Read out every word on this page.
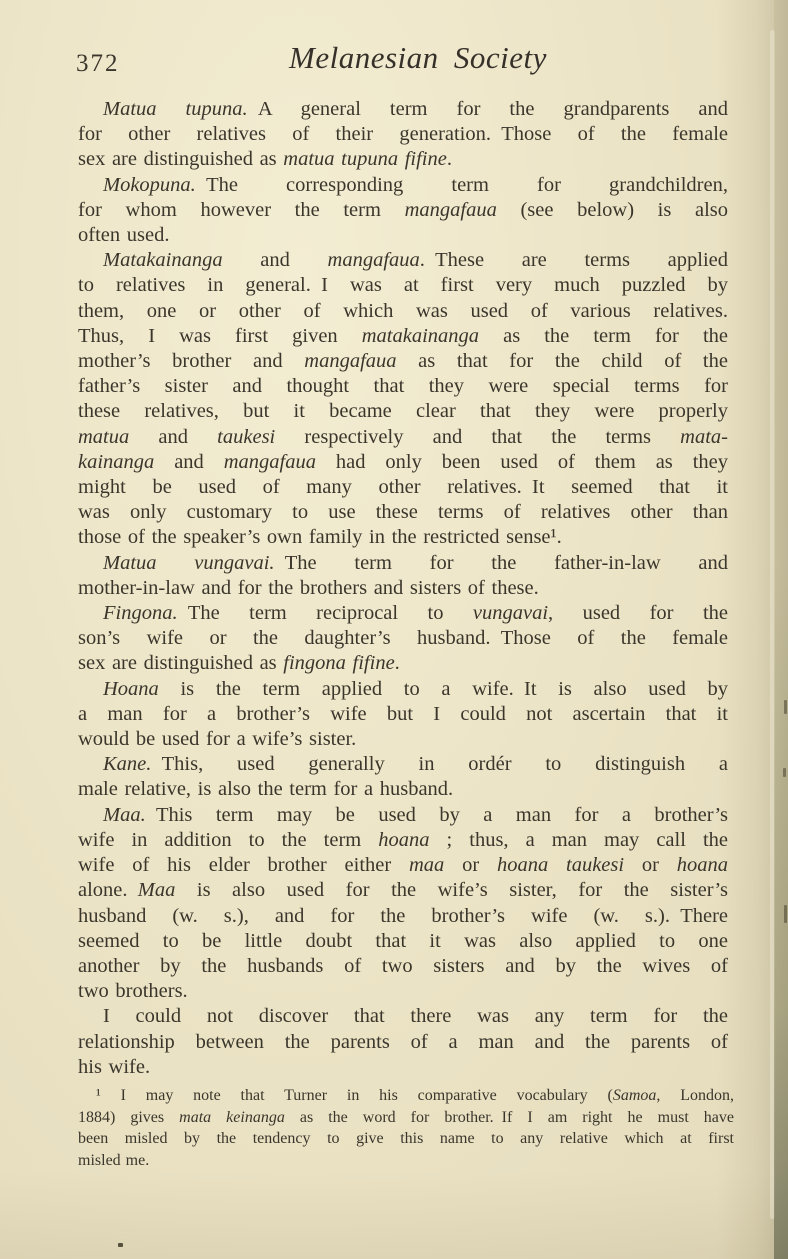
372	Melanesian Society
Matua tupuna. A general term for the grandparents and
for other relatives of their generation. Those of the female
sex are distinguished as matua tupuna fifine.
Mokopuna. The corresponding term for grandchildren,
for whom however the term mangafaua (see below) is also
often used.
Matakainanga and mangafaua. These are terms applied
to relatives in general. I was at first very much puzzled by
them, one or other of which was used of various relatives.
Thus, I was first given matakainanga as the term for the
mother’s brother and mangafaua as that for the child of the
father’s sister and thought that they were special terms for
these relatives, but it became clear that they were properly
matua and taukesi respectively and that the terms mata-
kainanga and mangafaua had only been used of them as they
might be used of many other relatives. It seemed that it
was only customary to use these terms of relatives other than
those of the speaker’s own family in the restricted sense¹.
Matua vungavai. The term for the father-in-law and
mother-in-law and for the brothers and sisters of these.
Fingona. The term reciprocal to vungavai, used for the
son’s wife or the daughter’s husband. Those of the female
sex are distinguished as fingona fifine.
Hoana is the term applied to a wife. It is also used by
a man for a brother’s wife but I could not ascertain that it
would be used for a wife’s sister.
Kane. This, used generally in ordér to distinguish a
male relative, is also the term for a husband.
Maa. This term may be used by a man for a brother’s
wife in addition to the term hoana ; thus, a man may call the
wife of his elder brother either maa or hoana taukesi or hoana
alone. Maa is also used for the wife’s sister, for the sister’s
husband (w. s.), and for the brother’s wife (w. s.). There
seemed to be little doubt that it was also applied to one
another by the husbands of two sisters and by the wives of
two brothers.
I could not discover that there was any term for the
relationship between the parents of a man and the parents of
his wife.
¹ I may note that Turner in his comparative vocabulary (Samoa, London,
1884) gives mata keinanga as the word for brother. If I am right he must have
been misled by the tendency to give this name to any relative which at first
misled me.
